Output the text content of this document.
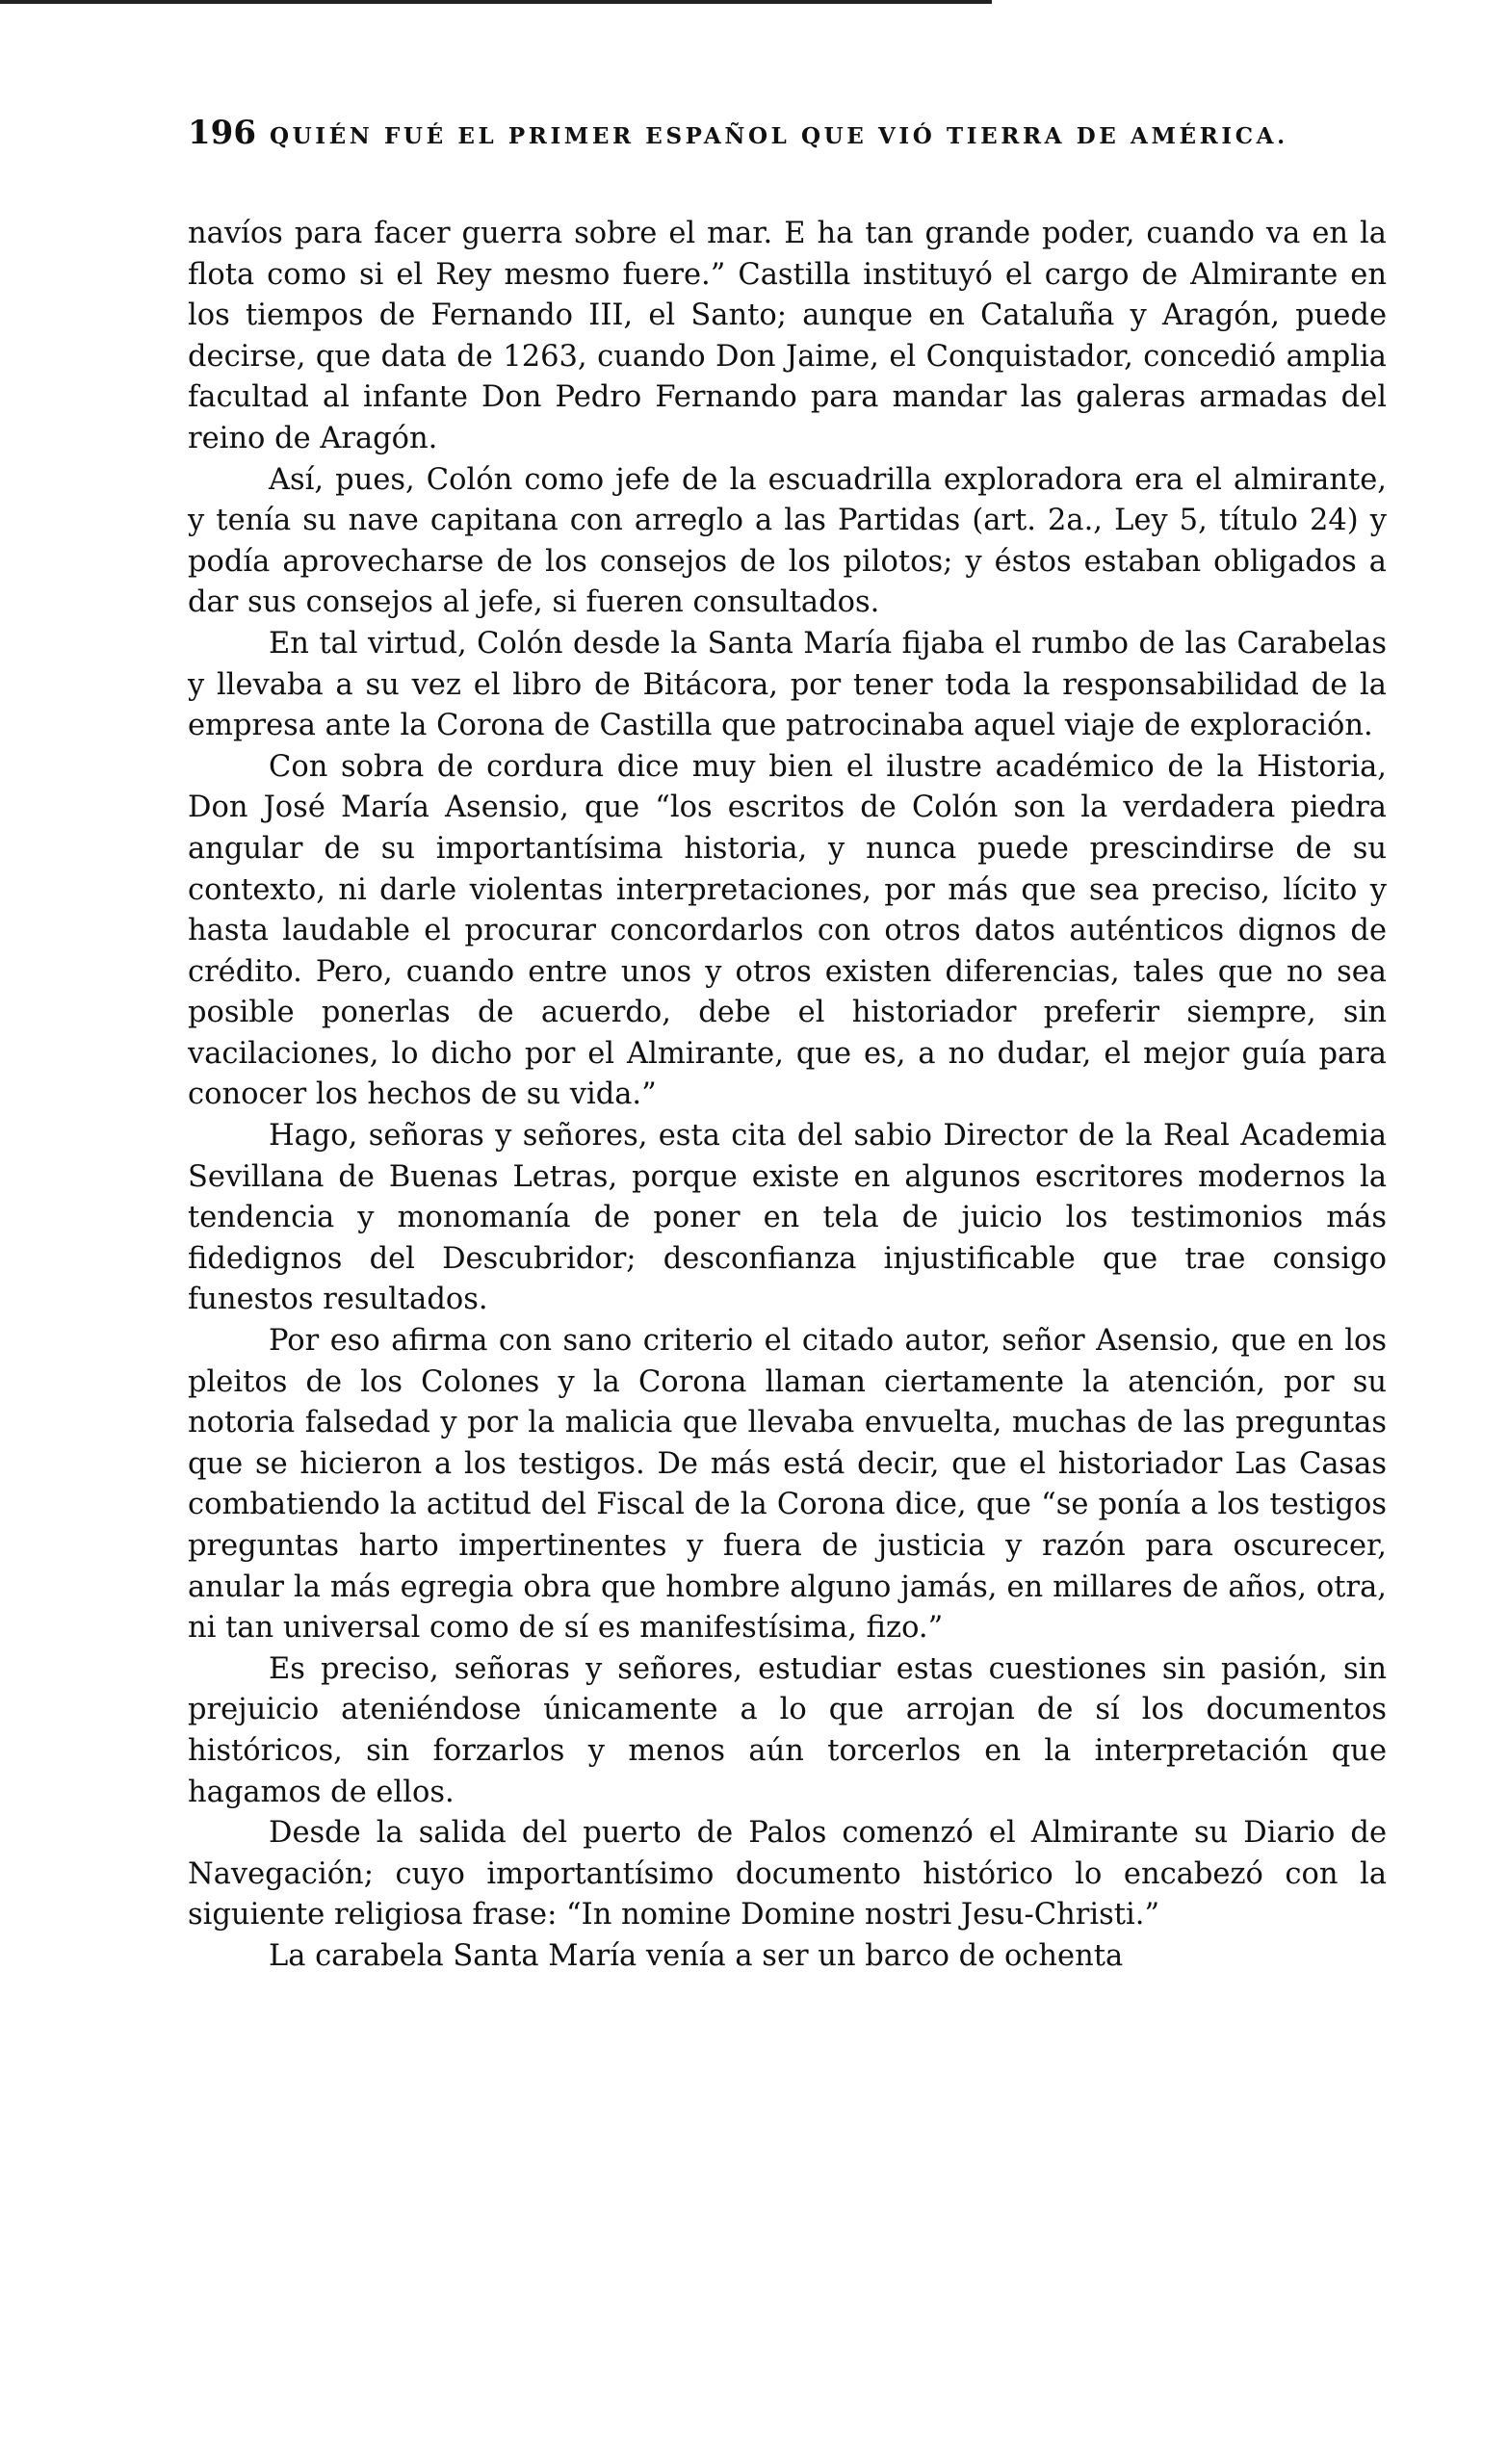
196 QUIÉN FUÉ EL PRIMER ESPAÑOL QUE VIÓ TIERRA DE AMÉRICA.

navíos para facer guerra sobre el mar. E ha tan grande poder, cuando va en la flota como si el Rey mesmo fuere.” Castilla instituyó el cargo de Almirante en los tiempos de Fernando III, el Santo; aunque en Cataluña y Aragón, puede decirse, que data de 1263, cuando Don Jaime, el Conquistador, concedió amplia facultad al infante Don Pedro Fernando para mandar las galeras armadas del reino de Aragón.

Así, pues, Colón como jefe de la escuadrilla exploradora era el almirante, y tenía su nave capitana con arreglo a las Partidas (art. 2a., Ley 5, título 24) y podía aprovecharse de los consejos de los pilotos; y éstos estaban obligados a dar sus consejos al jefe, si fueren consultados.

En tal virtud, Colón desde la Santa María fijaba el rumbo de las Carabelas y llevaba a su vez el libro de Bitácora, por tener toda la responsabilidad de la empresa ante la Corona de Castilla que patrocinaba aquel viaje de exploración.

Con sobra de cordura dice muy bien el ilustre académico de la Historia, Don José María Asensio, que “los escritos de Colón son la verdadera piedra angular de su importantísima historia, y nunca puede prescindirse de su contexto, ni darle violentas interpretaciones, por más que sea preciso, lícito y hasta laudable el procurar concordarlos con otros datos auténticos dignos de crédito. Pero, cuando entre unos y otros existen diferencias, tales que no sea posible ponerlas de acuerdo, debe el historiador preferir siempre, sin vacilaciones, lo dicho por el Almirante, que es, a no dudar, el mejor guía para conocer los hechos de su vida.”

Hago, señoras y señores, esta cita del sabio Director de la Real Academia Sevillana de Buenas Letras, porque existe en algunos escritores modernos la tendencia y monomanía de poner en tela de juicio los testimonios más fidedignos del Descubridor; desconfianza injustificable que trae consigo funestos resultados.

Por eso afirma con sano criterio el citado autor, señor Asensio, que en los pleitos de los Colones y la Corona llaman ciertamente la atención, por su notoria falsedad y por la malicia que llevaba envuelta, muchas de las preguntas que se hicieron a los testigos. De más está decir, que el historiador Las Casas combatiendo la actitud del Fiscal de la Corona dice, que “se ponía a los testigos preguntas harto impertinentes y fuera de justicia y razón para oscurecer, anular la más egregia obra que hombre alguno jamás, en millares de años, otra, ni tan universal como de sí es manifestísima, fizo.”

Es preciso, señoras y señores, estudiar estas cuestiones sin pasión, sin prejuicio ateniéndose únicamente a lo que arrojan de sí los documentos históricos, sin forzarlos y menos aún torcerlos en la interpretación que hagamos de ellos.

Desde la salida del puerto de Palos comenzó el Almirante su Diario de Navegación; cuyo importantísimo documento histórico lo encabezó con la siguiente religiosa frase: “In nomine Domine nostri Jesu-Christi.”

La carabela Santa María venía a ser un barco de ochenta
